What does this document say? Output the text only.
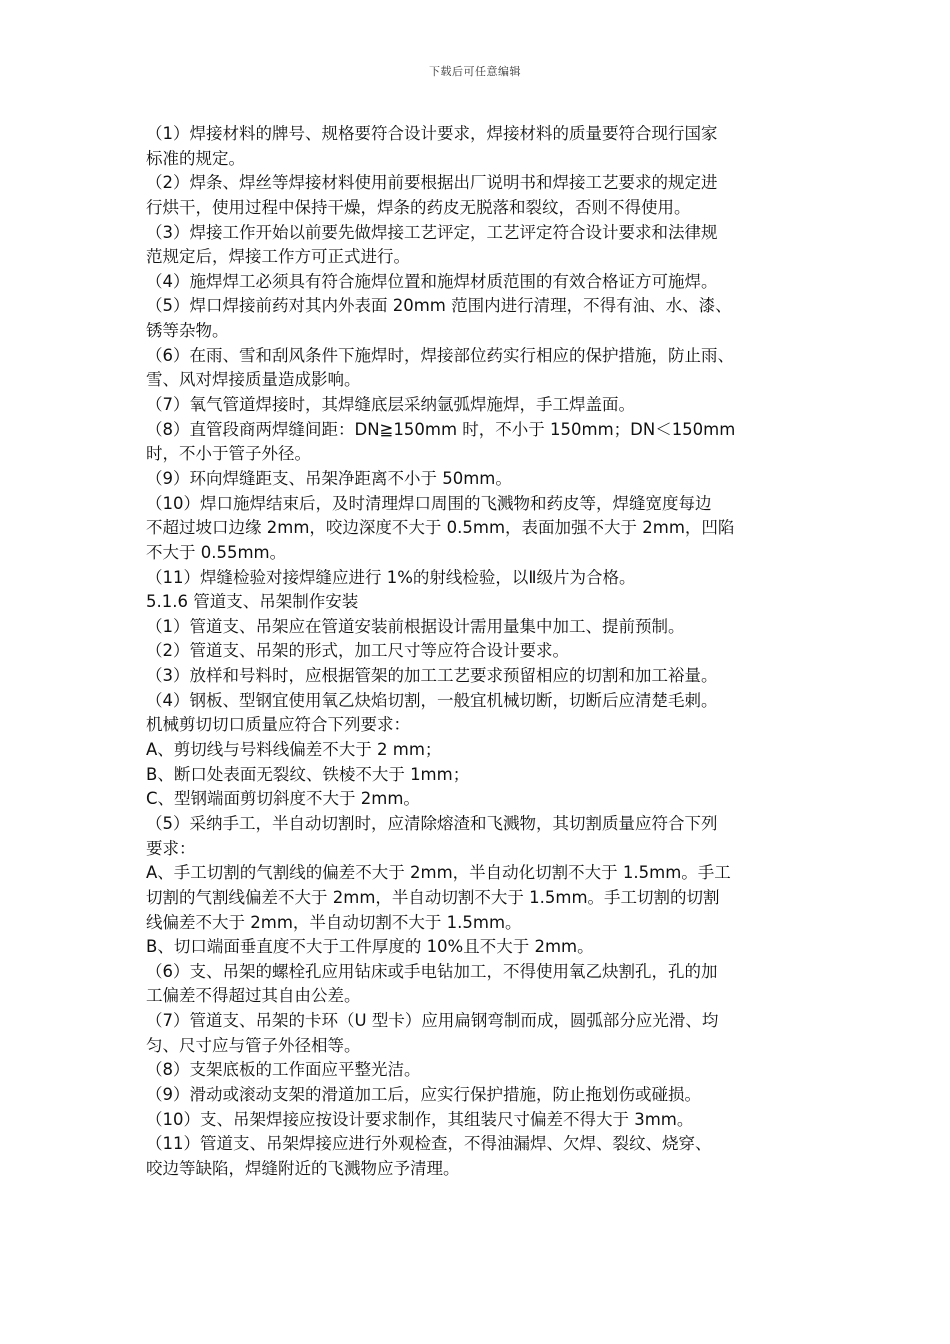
下载后可任意编辑
（1）焊接材料的牌号、规格要符合设计要求，焊接材料的质量要符合现行国家
标准的规定。
（2）焊条、焊丝等焊接材料使用前要根据出厂说明书和焊接工艺要求的规定进
行烘干，使用过程中保持干燥，焊条的药皮无脱落和裂纹，否则不得使用。
（3）焊接工作开始以前要先做焊接工艺评定，工艺评定符合设计要求和法律规
范规定后，焊接工作方可正式进行。
（4）施焊焊工必须具有符合施焊位置和施焊材质范围的有效合格证方可施焊。
（5）焊口焊接前药对其内外表面 20mm 范围内进行清理，不得有油、水、漆、
锈等杂物。
（6）在雨、雪和刮风条件下施焊时，焊接部位药实行相应的保护措施，防止雨、
雪、风对焊接质量造成影响。
（7）氧气管道焊接时，其焊缝底层采纳氩弧焊施焊，手工焊盖面。
（8）直管段商两焊缝间距：DN≧150mm 时，不小于 150mm；DN＜150mm
时，不小于管子外径。
（9）环向焊缝距支、吊架净距离不小于 50mm。
（10）焊口施焊结束后，及时清理焊口周围的飞溅物和药皮等，焊缝宽度每边
不超过坡口边缘 2mm，咬边深度不大于 0.5mm，表面加强不大于 2mm，凹陷
不大于 0.55mm。
（11）焊缝检验对接焊缝应进行 1%的射线检验，以Ⅱ级片为合格。
5.1.6 管道支、吊架制作安装
（1）管道支、吊架应在管道安装前根据设计需用量集中加工、提前预制。
（2）管道支、吊架的形式，加工尺寸等应符合设计要求。
（3）放样和号料时，应根据管架的加工工艺要求预留相应的切割和加工裕量。
（4）钢板、型钢宜使用氧乙炔焰切割，一般宜机械切断，切断后应清楚毛刺。
机械剪切切口质量应符合下列要求：
A、剪切线与号料线偏差不大于 2 mm；
B、断口处表面无裂纹、铁棱不大于 1mm；
C、型钢端面剪切斜度不大于 2mm。
（5）采纳手工，半自动切割时，应清除熔渣和飞溅物，其切割质量应符合下列
要求：
A、手工切割的气割线的偏差不大于 2mm，半自动化切割不大于 1.5mm。手工
切割的气割线偏差不大于 2mm，半自动切割不大于 1.5mm。手工切割的切割
线偏差不大于 2mm，半自动切割不大于 1.5mm。
B、切口端面垂直度不大于工件厚度的 10%且不大于 2mm。
（6）支、吊架的螺栓孔应用钻床或手电钻加工，不得使用氧乙炔割孔，孔的加
工偏差不得超过其自由公差。
（7）管道支、吊架的卡环（U 型卡）应用扁钢弯制而成，圆弧部分应光滑、均
匀、尺寸应与管子外径相等。
（8）支架底板的工作面应平整光洁。
（9）滑动或滚动支架的滑道加工后，应实行保护措施，防止拖划伤或碰损。
（10）支、吊架焊接应按设计要求制作，其组装尺寸偏差不得大于 3mm。
（11）管道支、吊架焊接应进行外观检查，不得油漏焊、欠焊、裂纹、烧穿、
咬边等缺陷，焊缝附近的飞溅物应予清理。
